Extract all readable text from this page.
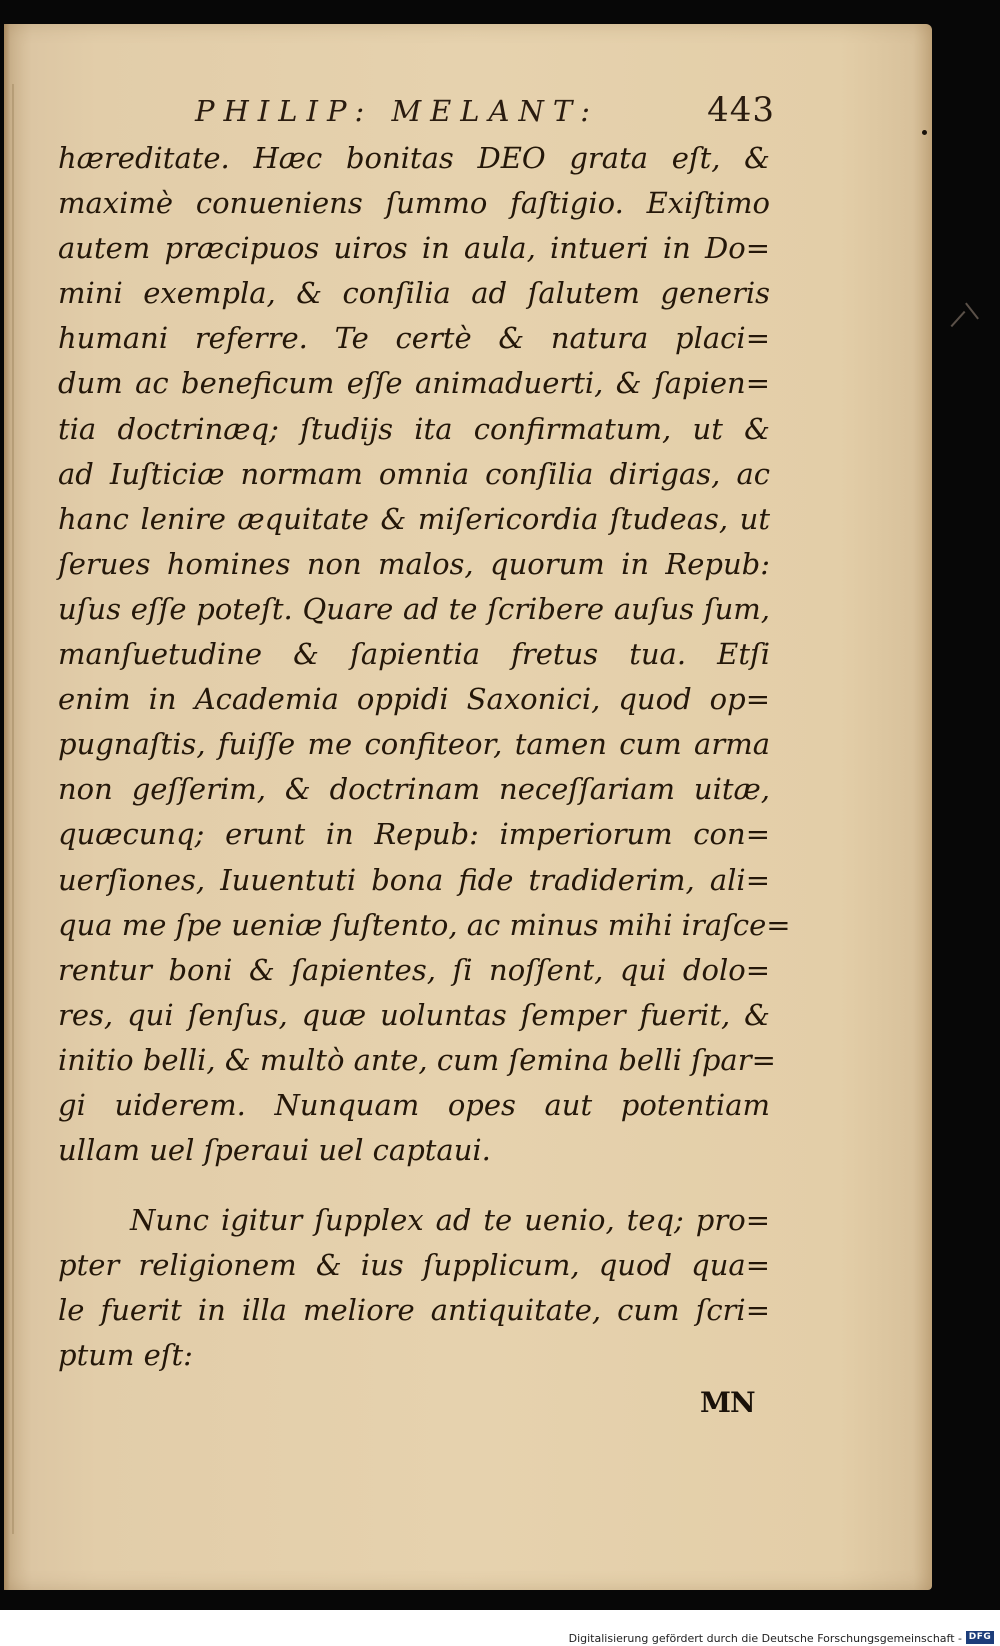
PHILIP: MELANT:	443
hæreditate. Hæc bonitas DEO grata eſt, &
maximè conueniens ſummo faſtigio. Exiſtimo
autem præcipuos uiros in aula, intueri in Do=
mini exempla, & conſilia ad ſalutem generis
humani referre. Te certè & natura placi=
dum ac beneficum eſſe animaduerti, & ſapien=
tia doctrinæq; ſtudijs ita confirmatum, ut &
ad Iuſticiæ normam omnia conſilia dirigas, ac
hanc lenire æquitate & miſericordia ſtudeas, ut
ſerues homines non malos, quorum in Repub:
uſus eſſe poteſt. Quare ad te ſcribere auſus ſum,
manſuetudine & ſapientia fretus tua. Etſi
enim in Academia oppidi Saxonici, quod op=
pugnaſtis, fuiſſe me confiteor, tamen cum arma
non geſſerim, & doctrinam neceſſariam uitæ,
quæcunq; erunt in Repub: imperiorum con=
uerſiones, Iuuentuti bona fide tradiderim, ali=
qua me ſpe ueniæ ſuſtento, ac minus mihi iraſce=
rentur boni & ſapientes, ſi noſſent, qui dolo=
res, qui ſenſus, quæ uoluntas ſemper fuerit, &
initio belli, & multò ante, cum ſemina belli ſpar=
gi uiderem. Nunquam opes aut potentiam
ullam uel ſperaui uel captaui.
Nunc igitur ſupplex ad te uenio, teq; pro=
pter religionem & ius ſupplicum, quod qua=
le fuerit in illa meliore antiquitate, cum ſcri=
ptum eſt:
MN
Digitalisierung gefördert durch die Deutsche Forschungsgemeinschaft - DFG
